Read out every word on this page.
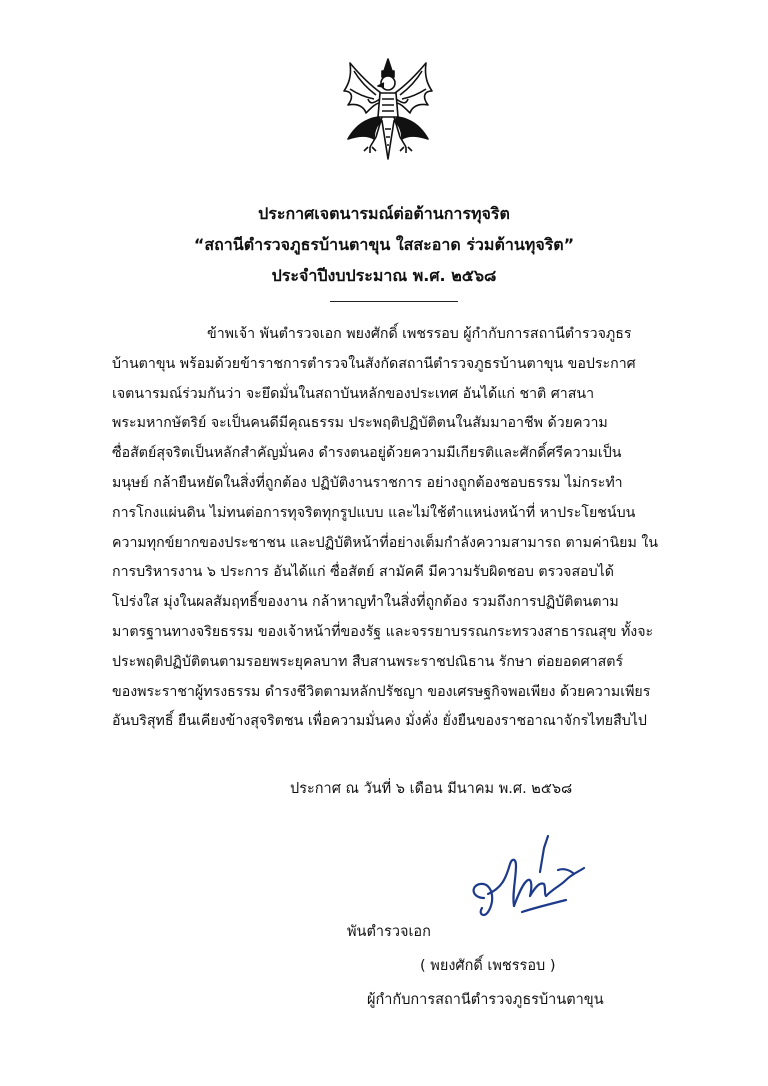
ประกาศเจตนารมณ์ต่อต้านการทุจริต
“สถานีตำรวจภูธรบ้านตาขุน ใสสะอาด ร่วมต้านทุจริต”
ประจำปีงบประมาณ พ.ศ. ๒๕๖๘
ข้าพเจ้า พันตำรวจเอก พยงศักดิ์ เพชรรอบ ผู้กำกับการสถานีตำรวจภูธร
บ้านตาขุน พร้อมด้วยข้าราชการตำรวจในสังกัดสถานีตำรวจภูธรบ้านตาขุน ขอประกาศ
เจตนารมณ์ร่วมกันว่า จะยึดมั่นในสถาบันหลักของประเทศ อันได้แก่ ชาติ ศาสนา
พระมหากษัตริย์ จะเป็นคนดีมีคุณธรรม ประพฤติปฏิบัติตนในสัมมาอาชีพ ด้วยความ
ซื่อสัตย์สุจริตเป็นหลักสำคัญมั่นคง ดำรงตนอยู่ด้วยความมีเกียรติและศักดิ์ศรีความเป็น
มนุษย์ กล้ายืนหยัดในสิ่งที่ถูกต้อง ปฏิบัติงานราชการ อย่างถูกต้องชอบธรรม ไม่กระทำ
การโกงแผ่นดิน ไม่ทนต่อการทุจริตทุกรูปแบบ และไม่ใช้ตำแหน่งหน้าที่ หาประโยชน์บน
ความทุกข์ยากของประชาชน และปฏิบัติหน้าที่อย่างเต็มกำลังความสามารถ ตามค่านิยม ใน
การบริหารงาน ๖ ประการ อันได้แก่ ซื่อสัตย์ สามัคคี มีความรับผิดชอบ ตรวจสอบได้
โปร่งใส มุ่งในผลสัมฤทธิ์ของงาน กล้าหาญทำในสิ่งที่ถูกต้อง รวมถึงการปฏิบัติตนตาม
มาตรฐานทางจริยธรรม ของเจ้าหน้าที่ของรัฐ และจรรยาบรรณกระทรวงสาธารณสุข ทั้งจะ
ประพฤติปฏิบัติตนตามรอยพระยุคลบาท สืบสานพระราชปณิธาน รักษา ต่อยอดศาสตร์
ของพระราชาผู้ทรงธรรม ดำรงชีวิตตามหลักปรัชญา ของเศรษฐกิจพอเพียง ด้วยความเพียร
อันบริสุทธิ์ ยืนเคียงข้างสุจริตชน เพื่อความมั่นคง มั่งคั่ง ยั่งยืนของราชอาณาจักรไทยสืบไป
ประกาศ ณ วันที่ ๖ เดือน มีนาคม พ.ศ. ๒๕๖๘
พันตำรวจเอก
( พยงศักดิ์ เพชรรอบ )
ผู้กำกับการสถานีตำรวจภูธรบ้านตาขุน
